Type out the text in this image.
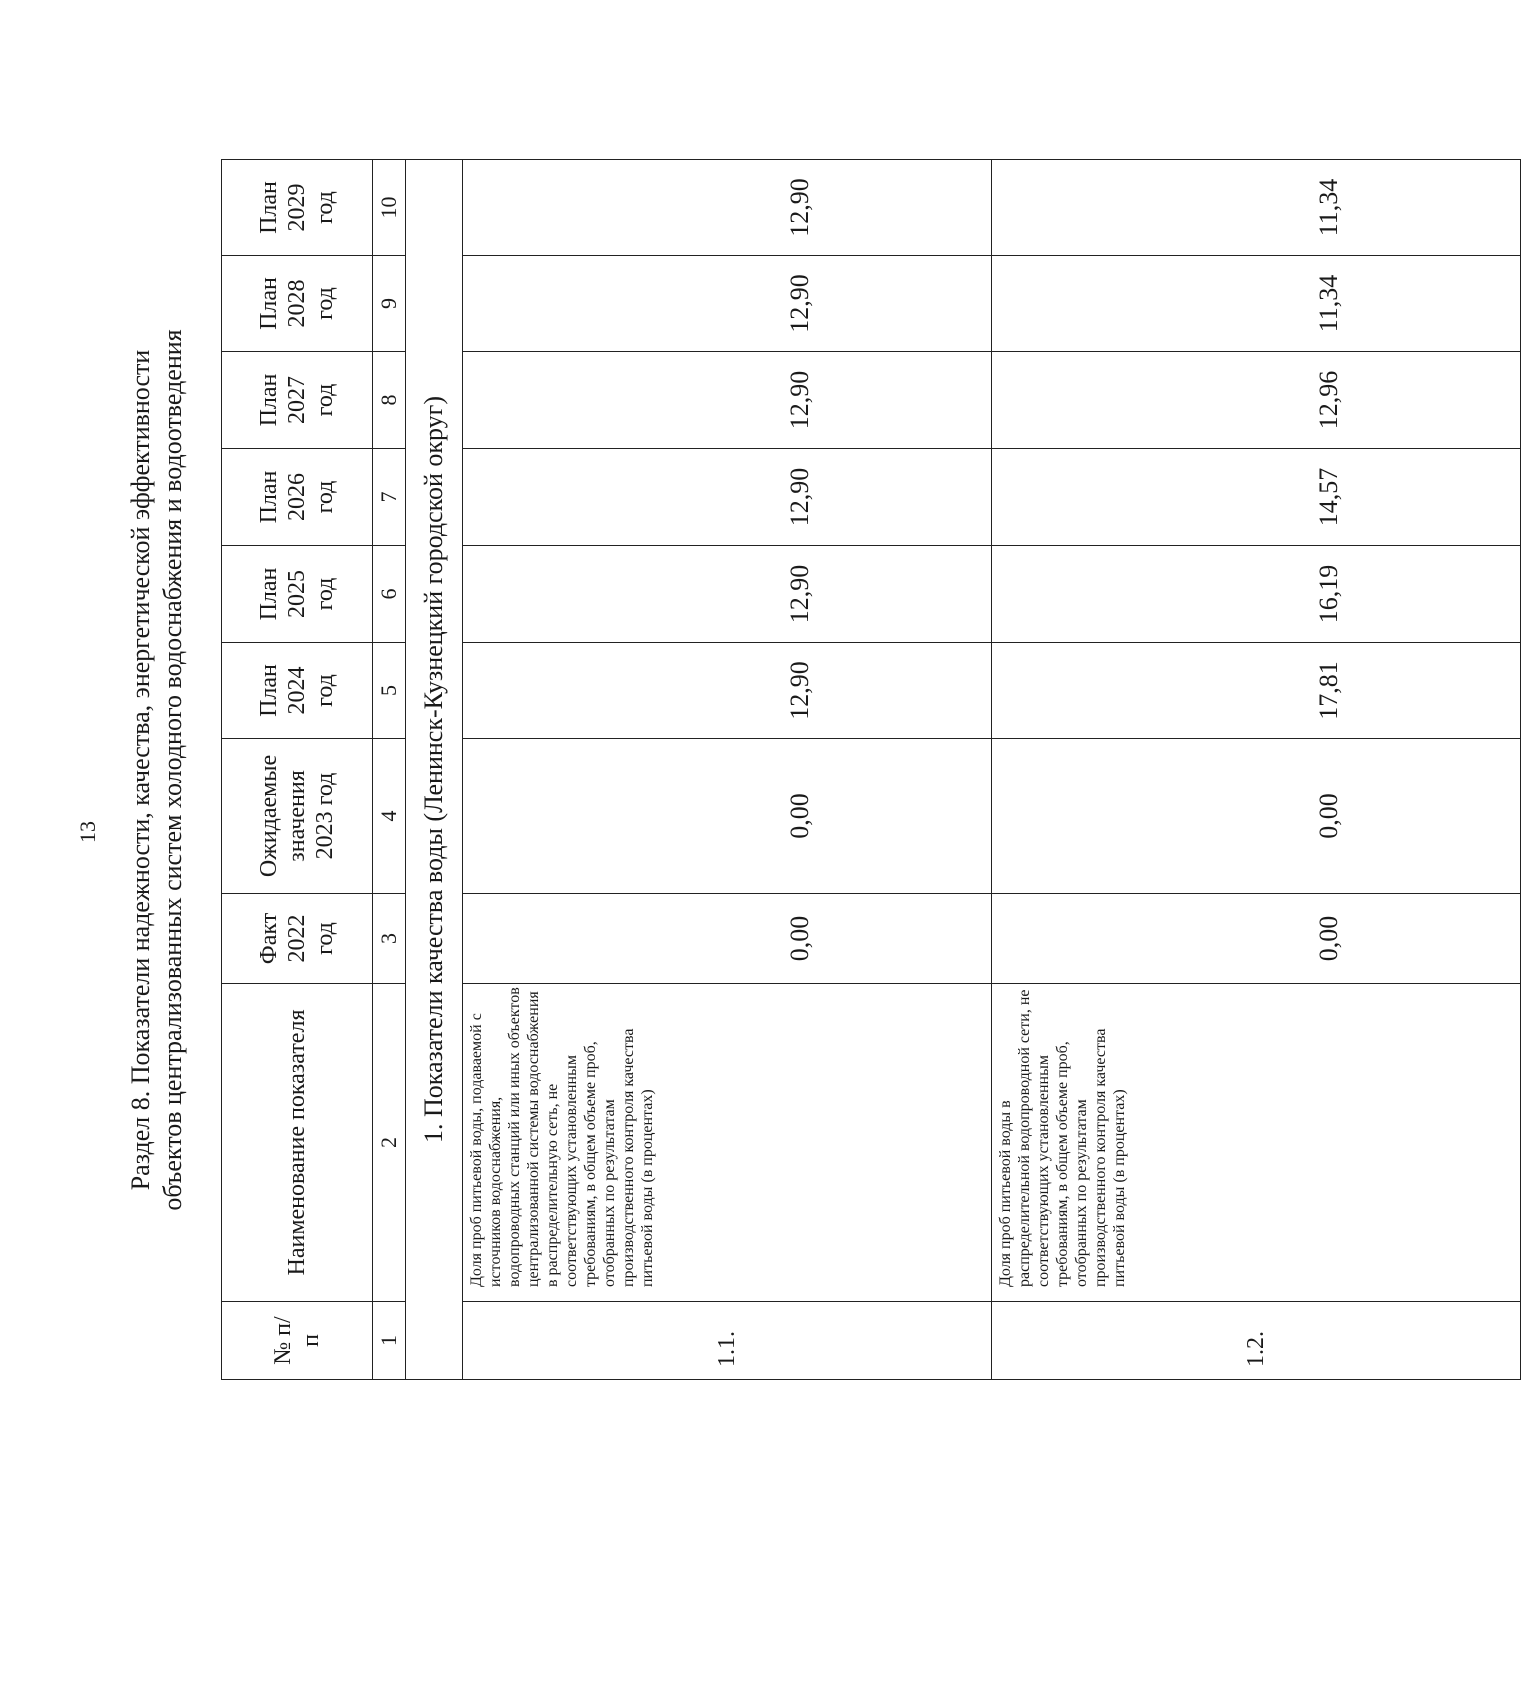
13 Раздел 8. Показатели надежности, качества, энергетической эффективности объектов централизованных систем холодного водоснабжения и водоотведения
№ п/п	Наименование показателя	Факт 2022 год	Ожидаемые значения 2023 год	План 2024 год	План 2025 год	План 2026 год	План 2027 год	План 2028 год	План 2029 год
1	2	3	4	5	6	7	8	9	10
1. Показатели качества воды (Ленинск-Кузнецкий городской округ)									
1.1.	Доля проб питьевой воды, подаваемой с источников водоснабжения, водопроводных станций или иных объектов централизованной системы водоснабжения в распределительную сеть, не соответствующих установленным требованиям, в общем объеме проб, отобранных по результатам производственного контроля качества питьевой воды (в процентах)	0,00	0,00	12,90	12,90	12,90	12,90	12,90	12,90
1.2.	Доля проб питьевой воды в распределительной водопроводной сети, не соответствующих установленным требованиям, в общем объеме проб, отобранных по результатам производственного контроля качества питьевой воды (в процентах)	0,00	0,00	17,81	16,19	14,57	12,96	11,34	11,34
